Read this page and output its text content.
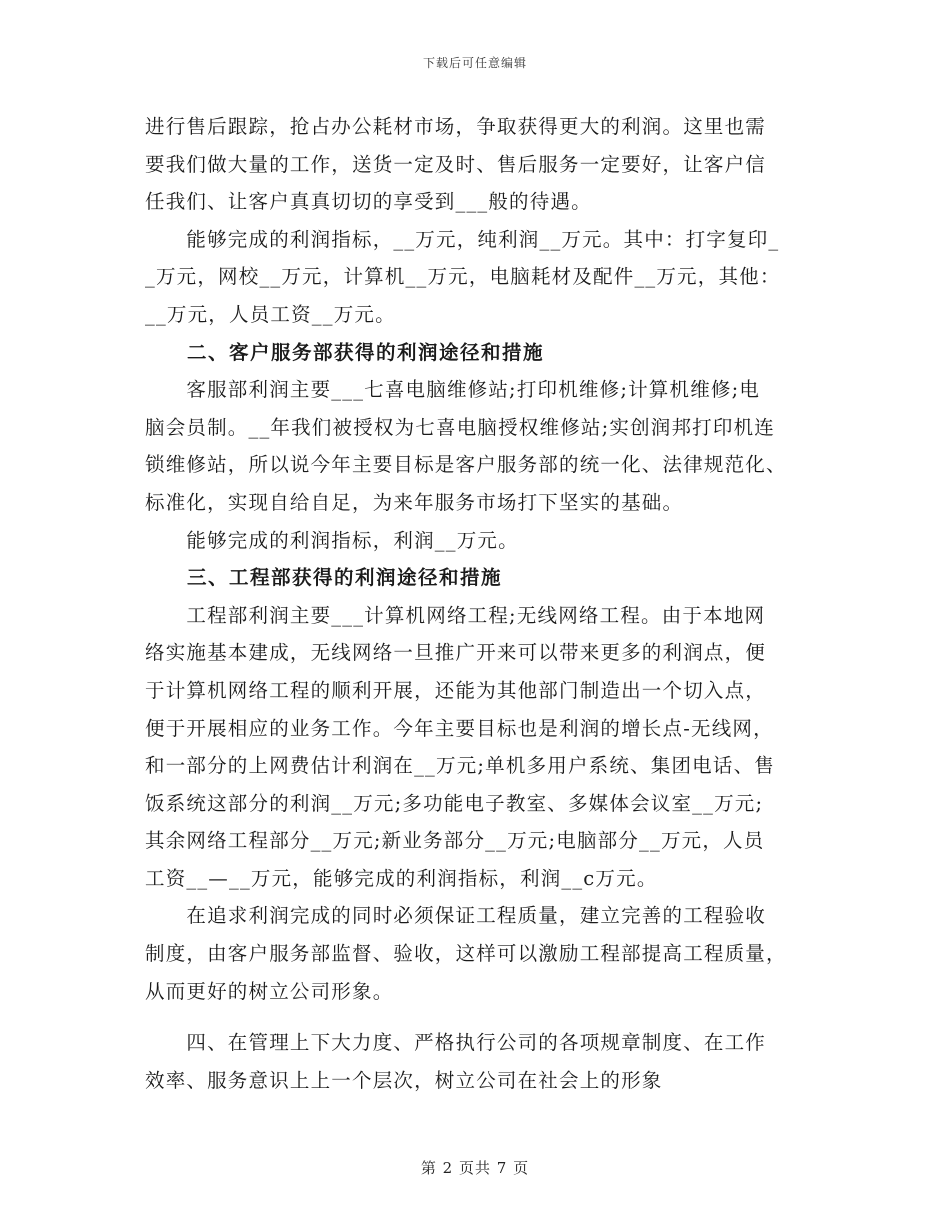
下载后可任意编辑
进行售后跟踪，抢占办公耗材市场，争取获得更大的利润。这里也需
要我们做大量的工作，送货一定及时、售后服务一定要好，让客户信
任我们、让客户真真切切的享受到___般的待遇。
　　能够完成的利润指标，__万元，纯利润__万元。其中：打字复印_
_万元，网校__万元，计算机__万元，电脑耗材及配件__万元，其他：
__万元，人员工资__万元。
　　二、客户服务部获得的利润途径和措施
　　客服部利润主要___七喜电脑维修站;打印机维修;计算机维修;电
脑会员制。__年我们被授权为七喜电脑授权维修站;实创润邦打印机连
锁维修站，所以说今年主要目标是客户服务部的统一化、法律规范化、
标准化，实现自给自足，为来年服务市场打下坚实的基础。
　　能够完成的利润指标，利润__万元。
　　三、工程部获得的利润途径和措施
　　工程部利润主要___计算机网络工程;无线网络工程。由于本地网
络实施基本建成，无线网络一旦推广开来可以带来更多的利润点，便
于计算机网络工程的顺利开展，还能为其他部门制造出一个切入点，
便于开展相应的业务工作。今年主要目标也是利润的增长点-无线网，
和一部分的上网费估计利润在__万元;单机多用户系统、集团电话、售
饭系统这部分的利润__万元;多功能电子教室、多媒体会议室__万元;
其余网络工程部分__万元;新业务部分__万元;电脑部分__万元，人员
工资__—__万元，能够完成的利润指标，利润__c万元。
　　在追求利润完成的同时必须保证工程质量，建立完善的工程验收
制度，由客户服务部监督、验收，这样可以激励工程部提高工程质量，
从而更好的树立公司形象。
　　四、在管理上下大力度、严格执行公司的各项规章制度、在工作
效率、服务意识上上一个层次，树立公司在社会上的形象
第 2 页共 7 页
